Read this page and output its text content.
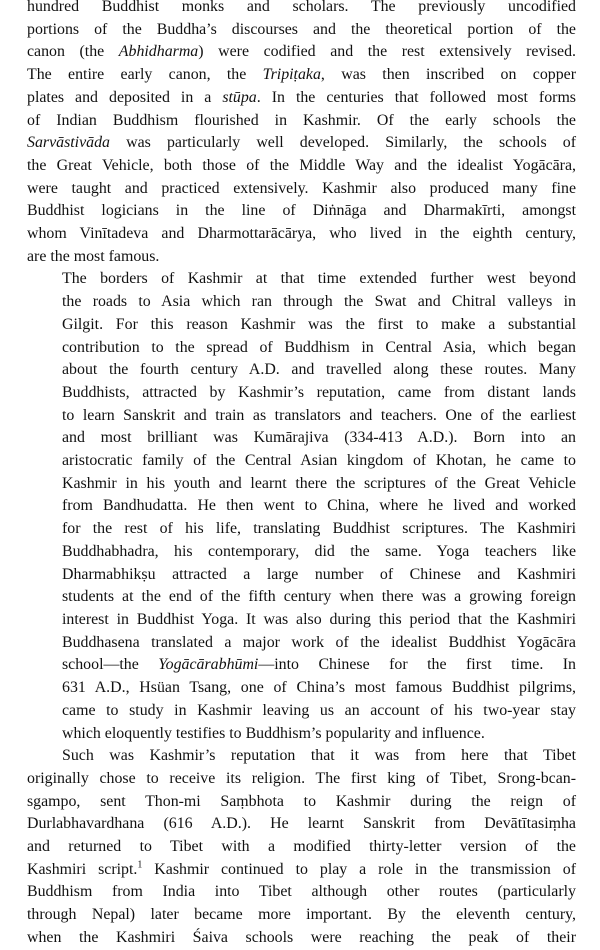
hundred Buddhist monks and scholars. The previously uncodified
portions of the Buddha’s discourses and the theoretical portion of the
canon (the Abhidharma) were codified and the rest extensively revised.
The entire early canon, the Tripiṭaka, was then inscribed on copper
plates and deposited in a stūpa. In the centuries that followed most forms
of Indian Buddhism flourished in Kashmir. Of the early schools the
Sarvāstivāda was particularly well developed. Similarly, the schools of
the Great Vehicle, both those of the Middle Way and the idealist Yogācāra,
were taught and practiced extensively. Kashmir also produced many fine
Buddhist logicians in the line of Diṅnāga and Dharmakīrti, amongst
whom Vinītadeva and Dharmottarācārya, who lived in the eighth century,
are the most famous.
The borders of Kashmir at that time extended further west beyond
the roads to Asia which ran through the Swat and Chitral valleys in
Gilgit. For this reason Kashmir was the first to make a substantial
contribution to the spread of Buddhism in Central Asia, which began
about the fourth century A.D. and travelled along these routes. Many
Buddhists, attracted by Kashmir’s reputation, came from distant lands
to learn Sanskrit and train as translators and teachers. One of the earliest
and most brilliant was Kumārajiva (334-413 A.D.). Born into an
aristocratic family of the Central Asian kingdom of Khotan, he came to
Kashmir in his youth and learnt there the scriptures of the Great Vehicle
from Bandhudatta. He then went to China, where he lived and worked
for the rest of his life, translating Buddhist scriptures. The Kashmiri
Buddhabhadra, his contemporary, did the same. Yoga teachers like
Dharmabhikṣu attracted a large number of Chinese and Kashmiri
students at the end of the fifth century when there was a growing foreign
interest in Buddhist Yoga. It was also during this period that the Kashmiri
Buddhasena translated a major work of the idealist Buddhist Yogācāra
school—the Yogācārabhūmi—into Chinese for the first time. In
631 A.D., Hsüan Tsang, one of China’s most famous Buddhist pilgrims,
came to study in Kashmir leaving us an account of his two-year stay
which eloquently testifies to Buddhism’s popularity and influence.
Such was Kashmir’s reputation that it was from here that Tibet
originally chose to receive its religion. The first king of Tibet, Srong-bcan-
sgampo, sent Thon-mi Saṃbhota to Kashmir during the reign of
Durlabhavardhana (616 A.D.). He learnt Sanskrit from Devātītasiṃha
and returned to Tibet with a modified thirty-letter version of the
Kashmiri script.$^1$ Kashmir continued to play a role in the transmission of
Buddhism from India into Tibet although other routes (particularly
through Nepal) later became more important. By the eleventh century,
when the Kashmiri Śaiva schools were reaching the peak of their
